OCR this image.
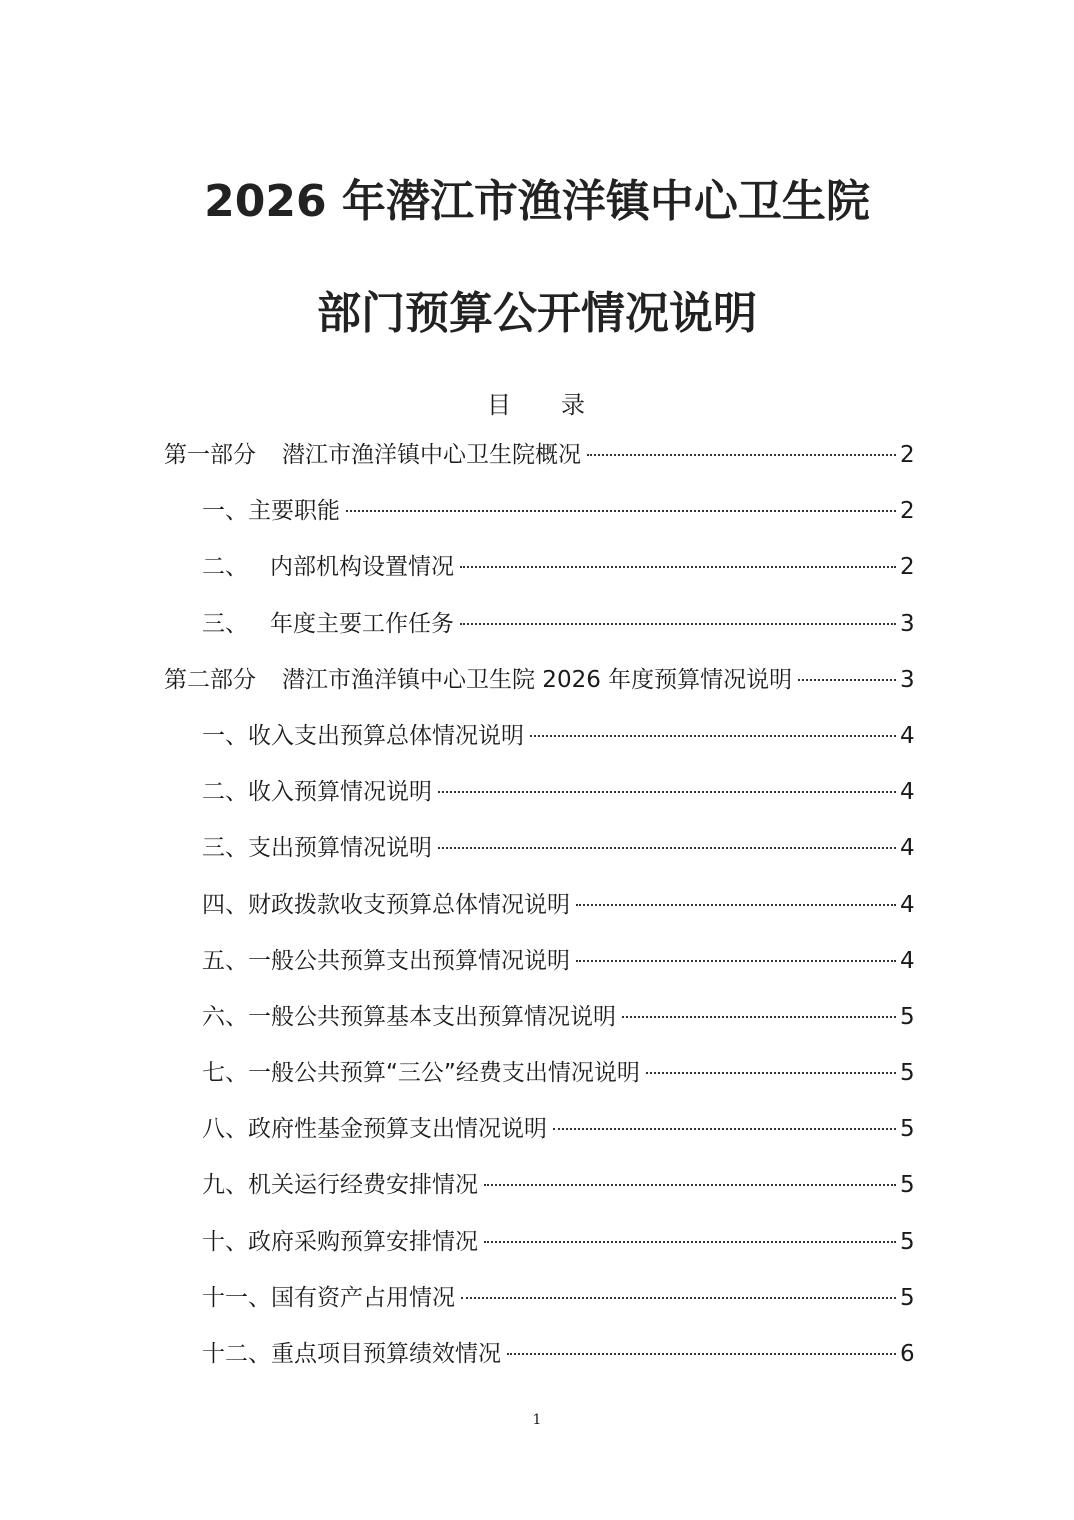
2026 年潜江市渔洋镇中心卫生院
部门预算公开情况说明
目 录
第一部分 潜江市渔洋镇中心卫生院概况	2
一、 主要职能	2
二、 内部机构设置情况	2
三、 年度主要工作任务	3
第二部分 潜江市渔洋镇中心卫生院 2026 年度预算情况说明	3
一、 收入支出预算总体情况说明	4
二、 收入预算情况说明	4
三、 支出预算情况说明	4
四、 财政拨款收支预算总体情况说明	4
五、 一般公共预算支出预算情况说明	4
六、 一般公共预算基本支出预算情况说明	5
七、 一般公共预算“三公”经费支出情况说明	5
八、 政府性基金预算支出情况说明	5
九、 机关运行经费安排情况	5
十、 政府采购预算安排情况	5
十一、 国有资产占用情况	5
十二、 重点项目预算绩效情况	6
1
